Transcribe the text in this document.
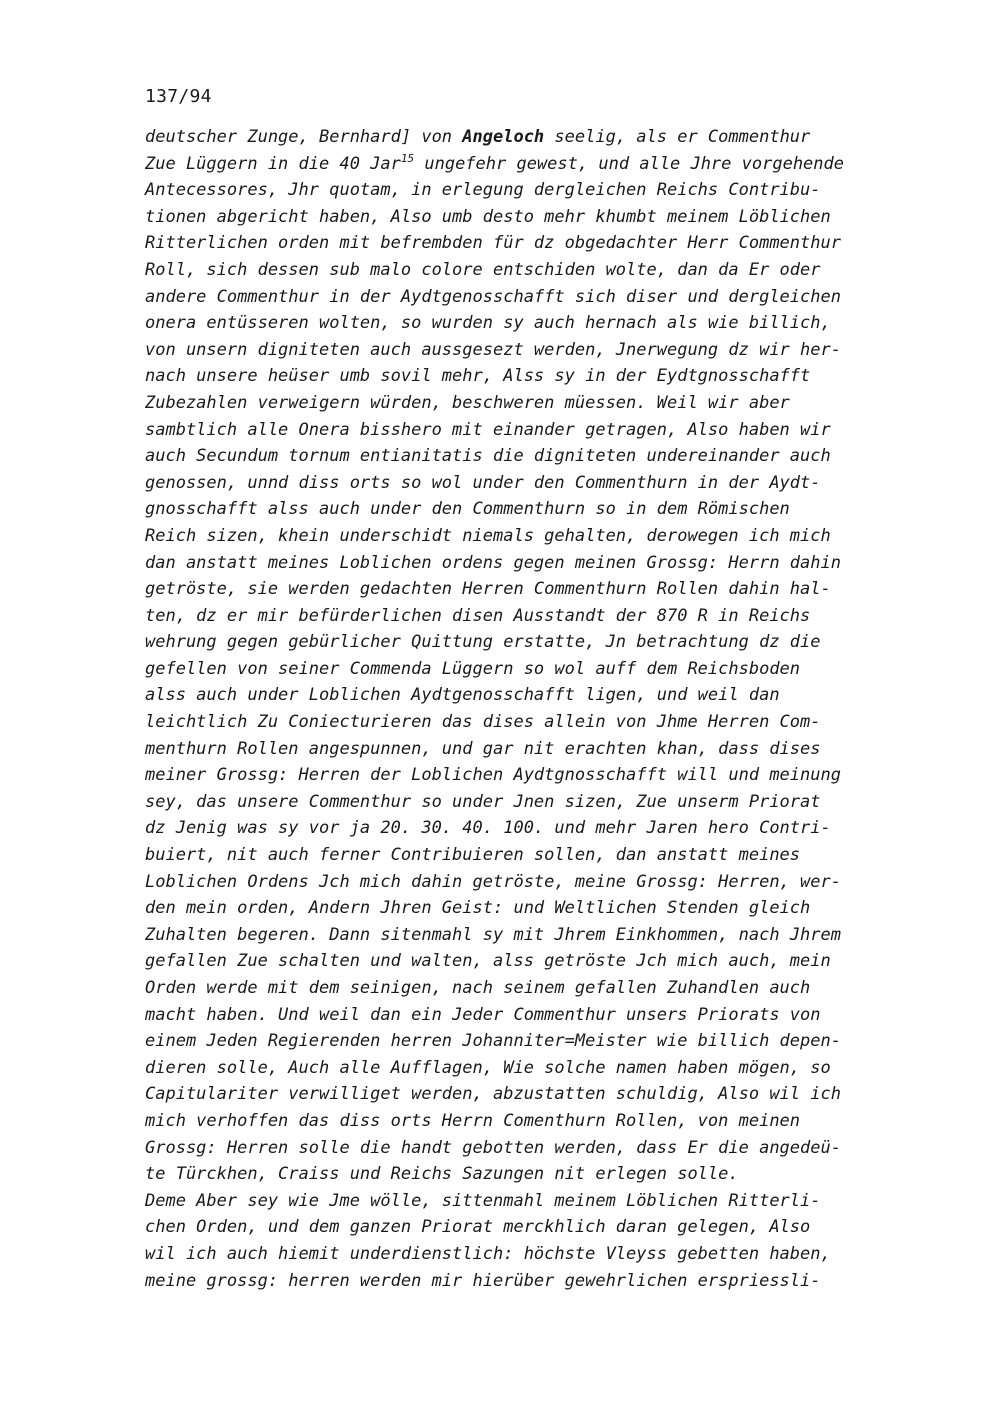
137/94
deutscher Zunge, Bernhard] von Angeloch seelig, als er Commenthur
Zue Lüggern in die 40 Jar$^{15}$ ungefehr gewest, und alle Jhre vorgehende
Antecessores, Jhr quotam, in erlegung dergleichen Reichs Contribu-
tionen abgericht haben, Also umb desto mehr khumbt meinem Löblichen
Ritterlichen orden mit befrembden für dz obgedachter Herr Commenthur
Roll, sich dessen sub malo colore entschiden wolte, dan da Er oder
andere Commenthur in der Aydtgenosschafft sich diser und dergleichen
onera entüsseren wolten, so wurden sy auch hernach als wie billich,
von unsern digniteten auch aussgesezt werden, Jnerwegung dz wir her-
nach unsere heüser umb sovil mehr, Alss sy in der Eydtgnosschafft
Zubezahlen verweigern würden, beschweren müessen. Weil wir aber
sambtlich alle Onera bisshero mit einander getragen, Also haben wir
auch Secundum tornum entianitatis die digniteten undereinander auch
genossen, unnd diss orts so wol under den Commenthurn in der Aydt-
gnosschafft alss auch under den Commenthurn so in dem Römischen
Reich sizen, khein underschidt niemals gehalten, derowegen ich mich
dan anstatt meines Loblichen ordens gegen meinen Grossg: Herrn dahin
getröste, sie werden gedachten Herren Commenthurn Rollen dahin hal-
ten, dz er mir befürderlichen disen Ausstandt der 870 R in Reichs
wehrung gegen gebürlicher Quittung erstatte, Jn betrachtung dz die
gefellen von seiner Commenda Lüggern so wol auff dem Reichsboden
alss auch under Loblichen Aydtgenosschafft ligen, und weil dan
leichtlich Zu Coniecturieren das dises allein von Jhme Herren Com-
menthurn Rollen angespunnen, und gar nit erachten khan, dass dises
meiner Grossg: Herren der Loblichen Aydtgnosschafft will und meinung
sey, das unsere Commenthur so under Jnen sizen, Zue unserm Priorat
dz Jenig was sy vor ja 20. 30. 40. 100. und mehr Jaren hero Contri-
buiert, nit auch ferner Contribuieren sollen, dan anstatt meines
Loblichen Ordens Jch mich dahin getröste, meine Grossg: Herren, wer-
den mein orden, Andern Jhren Geist: und Weltlichen Stenden gleich
Zuhalten begeren. Dann sitenmahl sy mit Jhrem Einkhommen, nach Jhrem
gefallen Zue schalten und walten, alss getröste Jch mich auch, mein
Orden werde mit dem seinigen, nach seinem gefallen Zuhandlen auch
macht haben. Und weil dan ein Jeder Commenthur unsers Priorats von
einem Jeden Regierenden herren Johanniter=Meister wie billich depen-
dieren solle, Auch alle Aufflagen, Wie solche namen haben mögen, so
Capitulariter verwilliget werden, abzustatten schuldig, Also wil ich
mich verhoffen das diss orts Herrn Comenthurn Rollen, von meinen
Grossg: Herren solle die handt gebotten werden, dass Er die angedeü-
te Türckhen, Craiss und Reichs Sazungen nit erlegen solle.
Deme Aber sey wie Jme wölle, sittenmahl meinem Löblichen Ritterli-
chen Orden, und dem ganzen Priorat merckhlich daran gelegen, Also
wil ich auch hiemit underdienstlich: höchste Vleyss gebetten haben,
meine grossg: herren werden mir hierüber gewehrlichen erspriessli-
